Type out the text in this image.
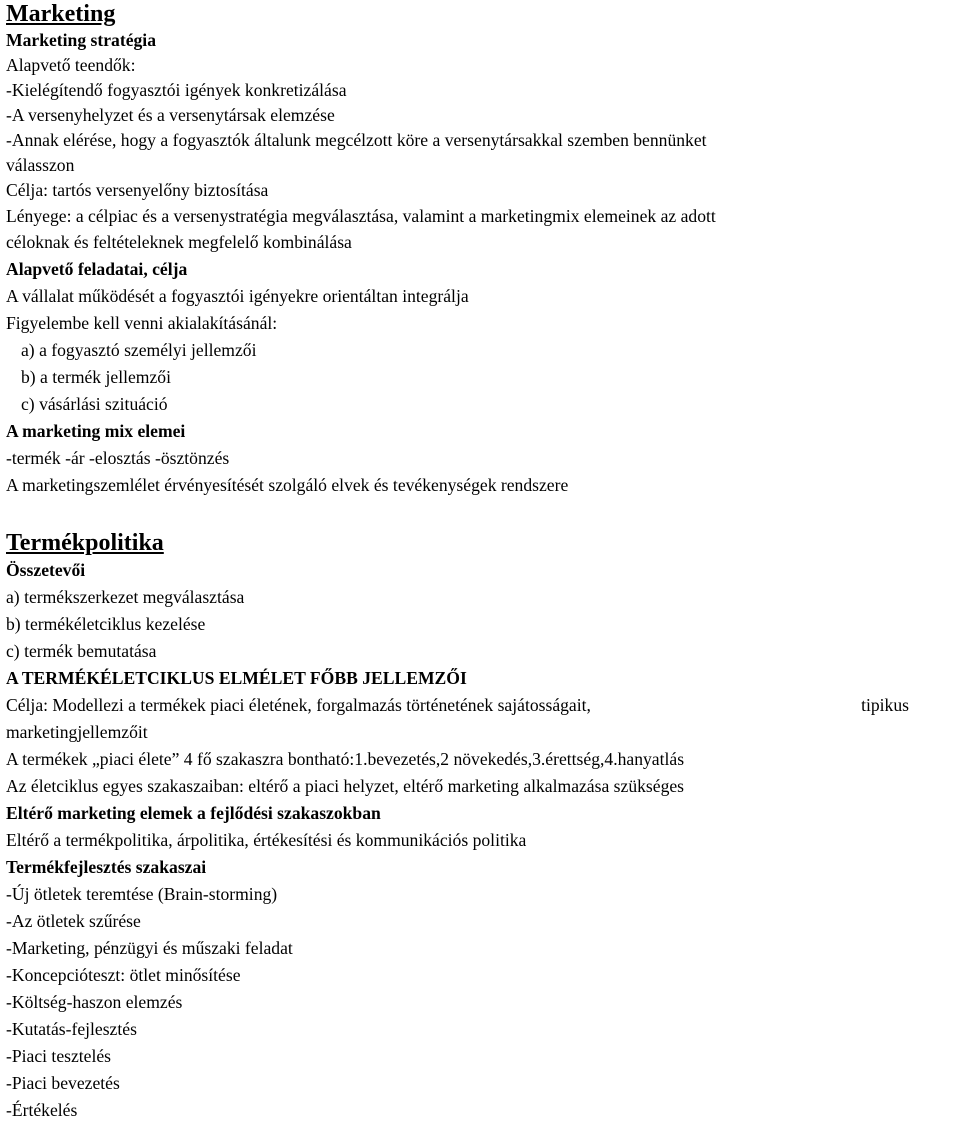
Marketing
Marketing stratégia
Alapvető teendők:
-Kielégítendő fogyasztói igények konkretizálása
-A versenyhelyzet és a versenytársak elemzése
-Annak elérése, hogy a fogyasztók általunk megcélzott köre a versenytársakkal szemben bennünket
válasszon
Célja: tartós versenyelőny biztosítása
Lényege: a célpiac és a versenystratégia megválasztása, valamint a marketingmix elemeinek az adott
céloknak és feltételeknek megfelelő kombinálása
Alapvető feladatai, célja
A vállalat működését a fogyasztói igényekre orientáltan integrálja
Figyelembe kell venni akialakításánál:
a) a fogyasztó személyi jellemzői
b) a termék jellemzői
c) vásárlási szituáció
A marketing mix elemei
-termék -ár -elosztás -ösztönzés
A marketingszemlélet érvényesítését szolgáló elvek és tevékenységek rendszere
Termékpolitika
Összetevői
a) termékszerkezet megválasztása
b) termékéletciklus kezelése
c) termék bemutatása
A TERMÉKÉLETCIKLUS ELMÉLET FŐBB JELLEMZŐI
Célja: Modellezi a termékek piaci életének, forgalmazás történetének sajátosságait,	tipikus
marketingjellemzőit
A termékek „piaci élete” 4 fő szakaszra bontható:1.bevezetés,2 növekedés,3.érettség,4.hanyatlás
Az életciklus egyes szakaszaiban: eltérő a piaci helyzet, eltérő marketing alkalmazása szükséges
Eltérő marketing elemek a fejlődési szakaszokban
Eltérő a termékpolitika, árpolitika, értékesítési és kommunikációs politika
Termékfejlesztés szakaszai
-Új ötletek teremtése (Brain-storming)
-Az ötletek szűrése
-Marketing, pénzügyi és műszaki feladat
-Koncepcióteszt: ötlet minősítése
-Költség-haszon elemzés
-Kutatás-fejlesztés
-Piaci tesztelés
-Piaci bevezetés
-Értékelés
